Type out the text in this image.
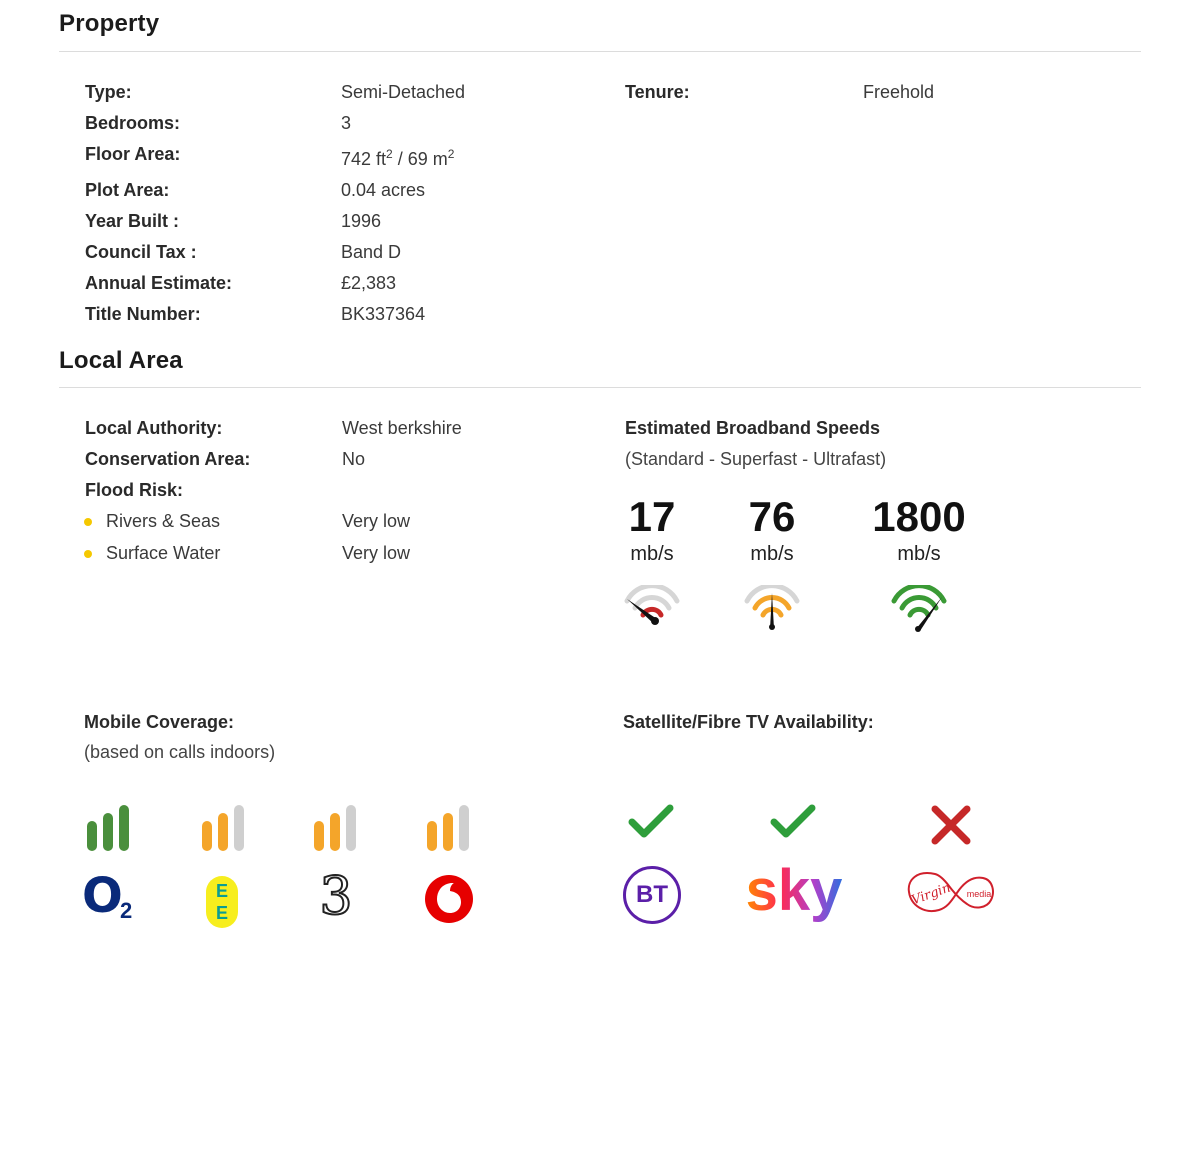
Property
Type:	Semi-Detached
Bedrooms:	3
Floor Area:	742 $ft^2 / 69$ $m^2$
Plot Area:	0.04 acres
Year Built :	1996
Council Tax :	Band D
Annual Estimate:	£2,383
Title Number:	BK337364
Tenure:	Freehold
Local Area
Local Authority:	West berkshire
Conservation Area:	No
Flood Risk:
Rivers & Seas	Very low
Surface Water	Very low
Estimated Broadband Speeds
(Standard - Superfast - Ultrafast)
17
mb/s
76
mb/s
1800
mb/s
Mobile Coverage:
(based on calls indoors)
O
2
E
E 3
Satellite/Fibre TV Availability:
BT sky	Virgin media
